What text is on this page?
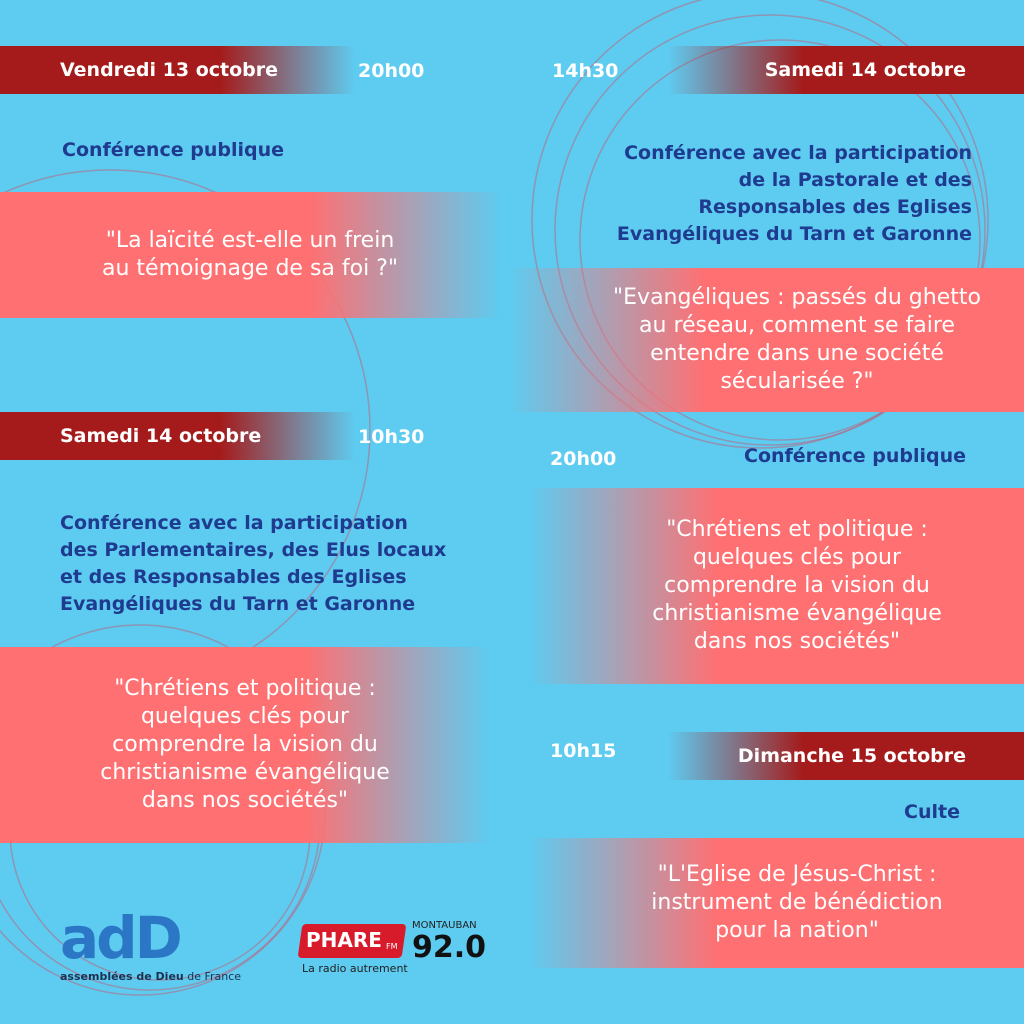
Vendredi 13 octobre	20h00
Conférence publique
"La laïcité est-elle un frein
au témoignage de sa foi ?"
Samedi 14 octobre	10h30
Conférence avec la participation
des Parlementaires, des Elus locaux
et des Responsables des Eglises
Evangéliques du Tarn et Garonne
"Chrétiens et politique :
quelques clés pour
comprendre la vision du
christianisme évangélique
dans nos sociétés"
14h30	Samedi 14 octobre
Conférence avec la participation
de la Pastorale et des
Responsables des Eglises
Evangéliques du Tarn et Garonne
"Evangéliques : passés du ghetto
au réseau, comment se faire
entendre dans une société
sécularisée ?"
20h00	Conférence publique
"Chrétiens et politique :
quelques clés pour
comprendre la vision du
christianisme évangélique
dans nos sociétés"
10h15	Dimanche 15 octobre
Culte
"L'Eglise de Jésus-Christ :
instrument de bénédiction
pour la nation"
adD
assemblées de Dieu de France
PHARE FM
La radio autrement
MONTAUBAN
92.0
